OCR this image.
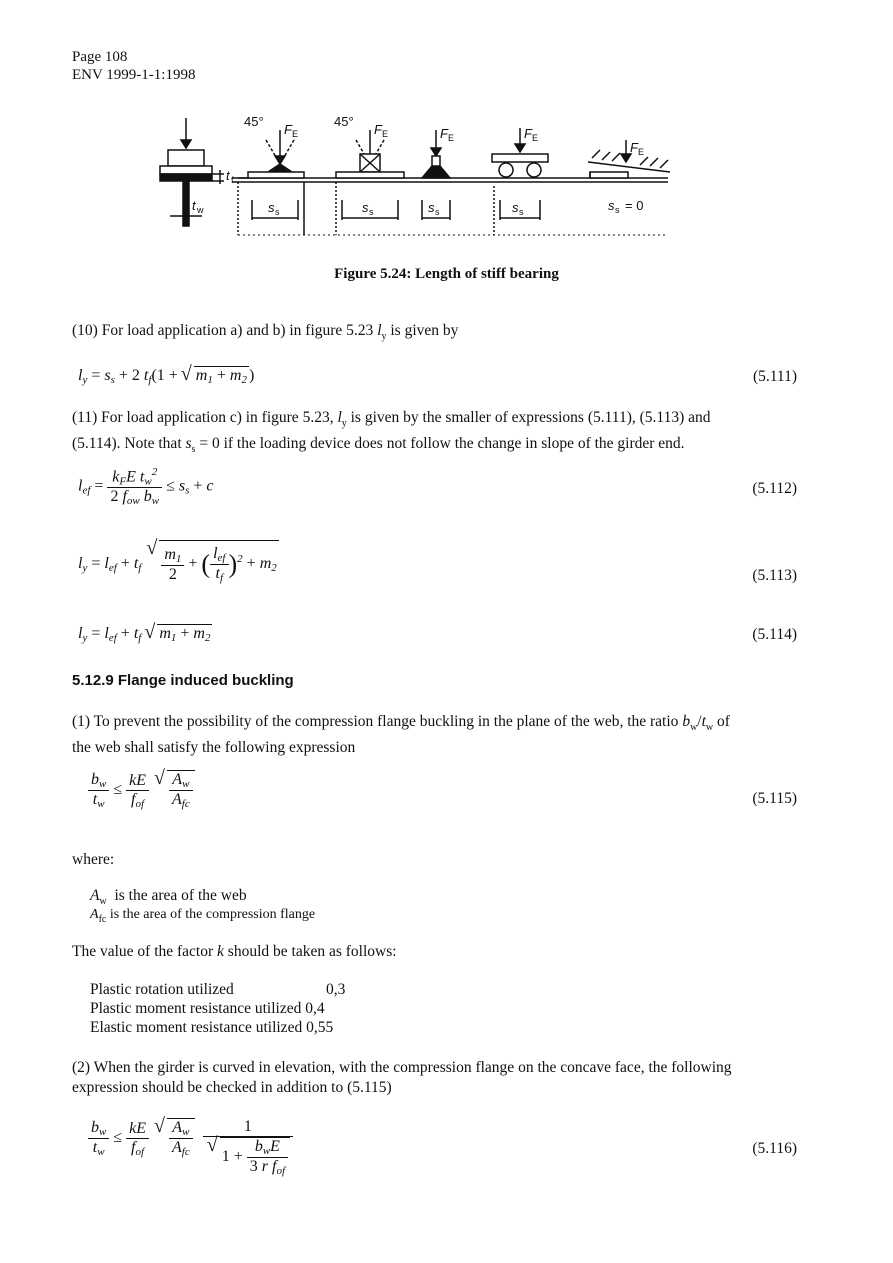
Page 108
ENV 1999-1-1:1998
45°
F E
45°
F E	F E	F E
F E
s s	s s	s s	s s	s s = 0
t w
t f
Figure 5.24: Length of stiff bearing
(10) For load application a) and b) in figure 5.23 $l_y$ is given by
$l_y = s_s + 2$ $t_f(1$ + √ $m_1 + m_2$ )	(5.111)
(11) For load application c) in figure 5.23, $l_y$ is given by the smaller of expressions (5.111), (5.113) and
(5.114). Note that $s_s = 0$ if the loading device does not follow the change in slope of the girder end.
$l_{ef} = \frac{k_FE t_w^2}{2 f_{ow} b_w} \le s_s + c$	(5.112)
$l_y = l_{ef} + t_f$ √ $\frac{m_1}{2}$ + ( $\frac{l_{ef}}{t_f} )^2 + m_2$	(5.113)
$l_y = l_{ef} + t_f$ √ $m_1 + m_2$	(5.114)
5.12.9 Flange induced buckling
(1) To prevent the possibility of the compression flange buckling in the plane of the web, the ratio $b_w/t_w$ of
the web shall satisfy the following expression
$\frac{b_w}{t_w} \le \frac{kE}{f_{of}}$
√ $\frac{A_w}{A_{fc}}$	(5.115)
where:
$A_w$ is the area of the web
$A_{fc}$ is the area of the compression flange
The value of the factor k should be taken as follows:
Plastic rotation utilized	0,3
Plastic moment resistance utilized 0,4
Elastic moment resistance utilized 0,55
(2) When the girder is curved in elevation, with the compression flange on the concave face, the following
expression should be checked in addition to (5.115)
$\frac{b_w}{t_w} \le \frac{kE}{f_{of}}$
√ $\frac{A_w}{A_{fc}}$
1
√ $1 + \frac{b_wE}{3 r f_{of}}$	(5.116)
